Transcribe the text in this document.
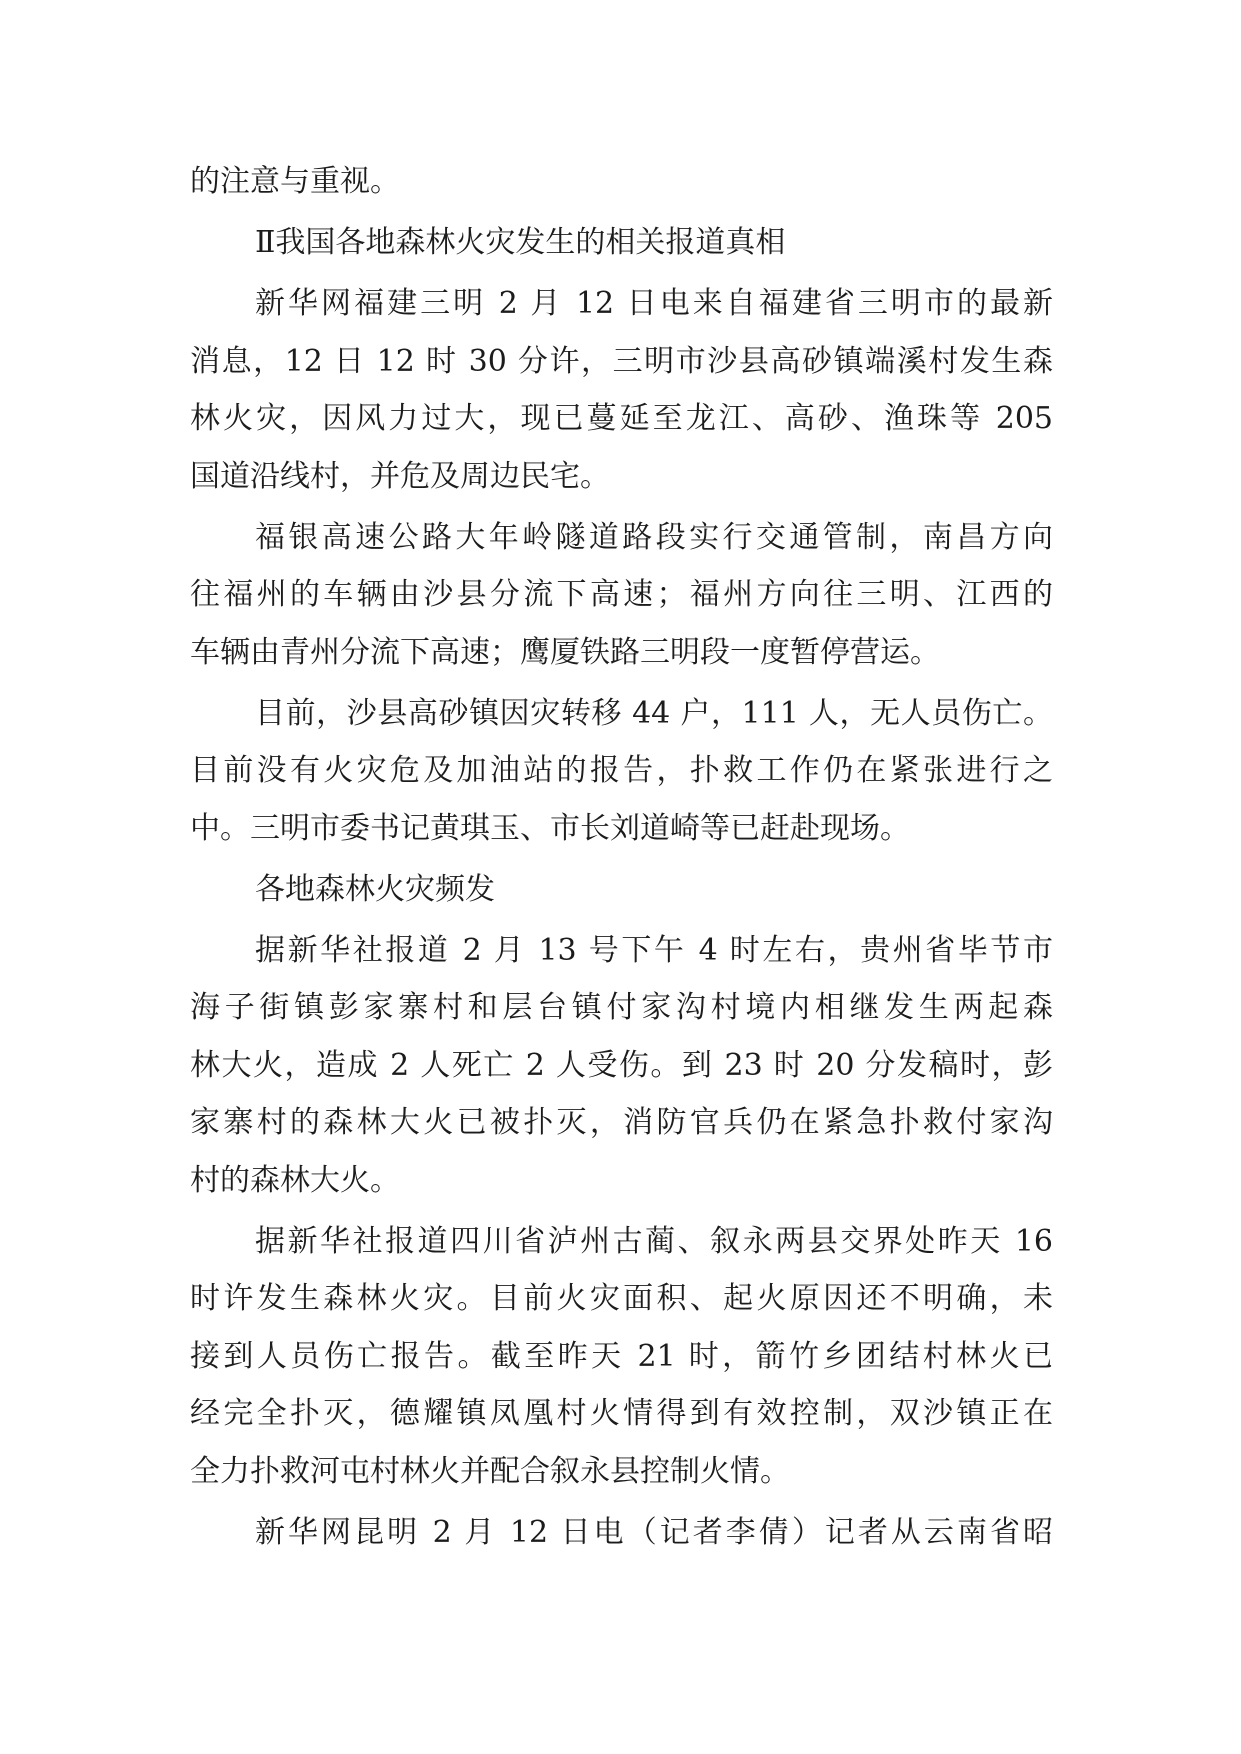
的注意与重视。
Ⅱ我国各地森林火灾发生的相关报道真相
新华网福建三明 2 月 12 日电来自福建省三明市的最新
消息，12 日 12 时 30 分许，三明市沙县高砂镇端溪村发生森
林火灾，因风力过大，现已蔓延至龙江、高砂、渔珠等 205
国道沿线村，并危及周边民宅。
福银高速公路大年岭隧道路段实行交通管制，南昌方向
往福州的车辆由沙县分流下高速；福州方向往三明、江西的
车辆由青州分流下高速；鹰厦铁路三明段一度暂停营运。
目前，沙县高砂镇因灾转移 44 户，111 人，无人员伤亡。
目前没有火灾危及加油站的报告，扑救工作仍在紧张进行之
中。三明市委书记黄琪玉、市长刘道崎等已赶赴现场。
各地森林火灾频发
据新华社报道 2 月 13 号下午 4 时左右，贵州省毕节市
海子街镇彭家寨村和层台镇付家沟村境内相继发生两起森
林大火，造成 2 人死亡 2 人受伤。到 23 时 20 分发稿时，彭
家寨村的森林大火已被扑灭，消防官兵仍在紧急扑救付家沟
村的森林大火。
据新华社报道四川省泸州古蔺、叙永两县交界处昨天 16
时许发生森林火灾。目前火灾面积、起火原因还不明确，未
接到人员伤亡报告。截至昨天 21 时，箭竹乡团结村林火已
经完全扑灭，德耀镇凤凰村火情得到有效控制，双沙镇正在
全力扑救河屯村林火并配合叙永县控制火情。
新华网昆明 2 月 12 日电（记者李倩）记者从云南省昭
